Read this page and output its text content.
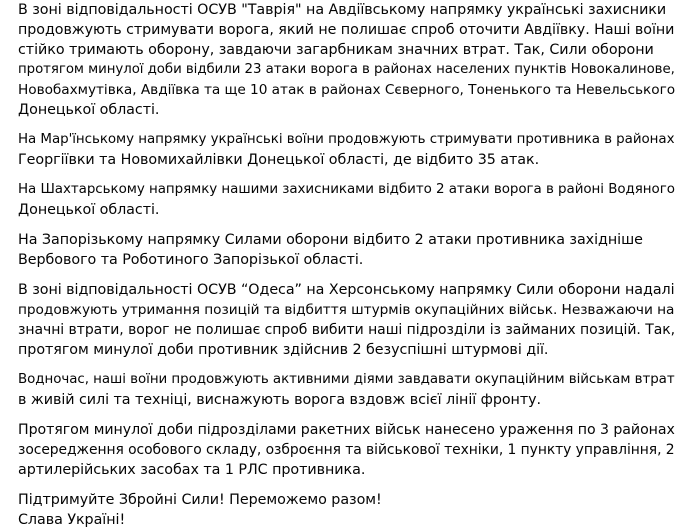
В зоні відповідальності ОСУВ "Таврія" на Авдіївському напрямку українські захисники
продовжують стримувати ворога, який не полишає спроб оточити Авдіївку. Наші воїни
стійко тримають оборону, завдаючи загарбникам значних втрат. Так, Сили оборони
протягом минулої доби відбили 23 атаки ворога в районах населених пунктів Новокалинове,
Новобахмутівка, Авдіївка та ще 10 атак в районах Сєверного, Тоненького та Невельського
Донецької області.

На Мар'їнському напрямку українські воїни продовжують стримувати противника в районах
Георгіївки та Новомихайлівки Донецької області, де відбито 35 атак.

На Шахтарському напрямку нашими захисниками відбито 2 атаки ворога в районі Водяного
Донецької області.

На Запорізькому напрямку Силами оборони відбито 2 атаки противника західніше
Вербового та Роботиного Запорізької області.

В зоні відповідальності ОСУВ “Одеса” на Херсонському напрямку Сили оборони надалі
продовжують утримання позицій та відбиття штурмів окупаційних військ. Незважаючи на
значні втрати, ворог не полишає спроб вибити наші підрозділи із займаних позицій. Так,
протягом минулої доби противник здійснив 2 безуспішні штурмові дії.

Водночас, наші воїни продовжують активними діями завдавати окупаційним військам втрат
в живій силі та техніці, виснажують ворога вздовж всієї лінії фронту.

Протягом минулої доби підрозділами ракетних військ нанесено ураження по 3 районах
зосередження особового складу, озброєння та військової техніки, 1 пункту управління, 2
артилерійських засобах та 1 РЛС противника.

Підтримуйте Збройні Сили! Переможемо разом!
Слава Україні!
